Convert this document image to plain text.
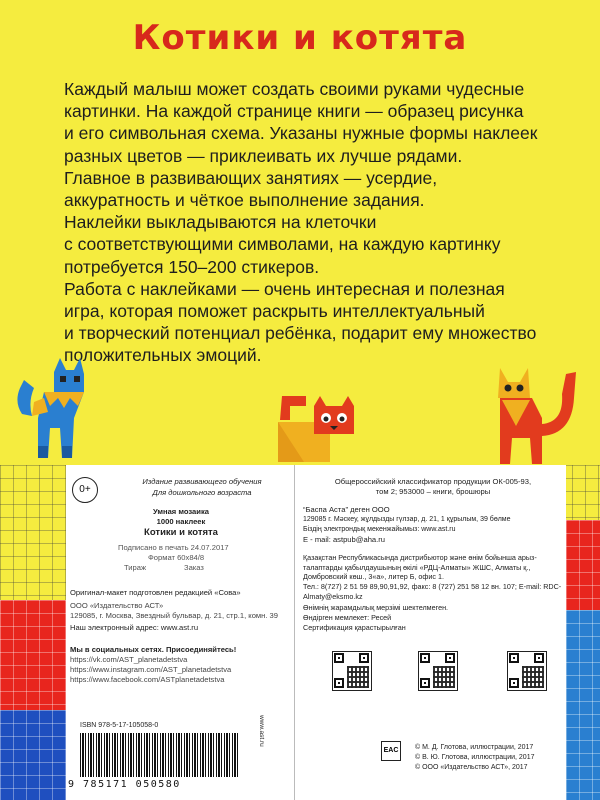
Котики и котята

Каждый малыш может создать своими руками чудесные

картинки. На каждой странице книги — образец рисунка

и его символьная схема. Указаны нужные формы наклеек

разных цветов — приклеивать их лучше рядами.

Главное в развивающих занятиях — усердие,

аккуратность и чёткое выполнение задания.

Наклейки выкладываются на клеточки

с соответствующими символами, на каждую картинку

потребуется 150–200 стикеров.

Работа с наклейками — очень интересная и полезная

игра, которая поможет раскрыть интеллектуальный

и творческий потенциал ребёнка, подарит ему множество

положительных эмоций.

0+
Издание развивающего обучения
Для дошкольного возраста
Умная мозаика
1000 наклеек
Котики и котята
Подписано в печать 24.07.2017
Формат 60х84/8
Тираж	Заказ
Оригинал-макет подготовлен редакцией «Сова»
ООО «Издательство АСТ»
129085, г. Москва, Звездный бульвар, д. 21, стр.1, комн. 39
Наш электронный адрес: www.ast.ru
Мы в социальных сетях. Присоединяйтесь!
https://vk.com/AST_planetadetstva
https://www.instagram.com/AST_planetadetstva
https://www.facebook.com/ASTplanetadetstva
ISBN 978-5-17-105058-0
9 785171 050580
www.ast.ru
Общероссийский классификатор продукции ОК-005-93,
том 2; 953000 – книги, брошюры
“Баспа Аста” деген ООО
129085 г. Мәскеу, жұлдызды гүлзар, д. 21, 1 құрылым, 39 бөлме
Біздің электрондық мекенжайымыз: www.ast.ru
E - mail: astpub@aha.ru
Қазақстан Республикасында дистрибьютор және өнім бойынша арыз-талаптарды қабылдаушының өкілі «РДЦ-Алматы» ЖШС, Алматы қ., Домбровский көш., 3«а», литер Б, офис 1.
Тел.: 8(727) 2 51 59 89,90,91,92, факс: 8 (727) 251 58 12 вн. 107; E-mail: RDC-Almaty@eksmo.kz
Өнімнің жарамдылық мерзімі шектелмеген.
Өндірген мемлекет: Ресей
Сертификация қарастырылған
EAC	© М. Д. Глотова, иллюстрации, 2017
© В. Ю. Глотова, иллюстрации, 2017
© ООО «Издательство АСТ», 2017
